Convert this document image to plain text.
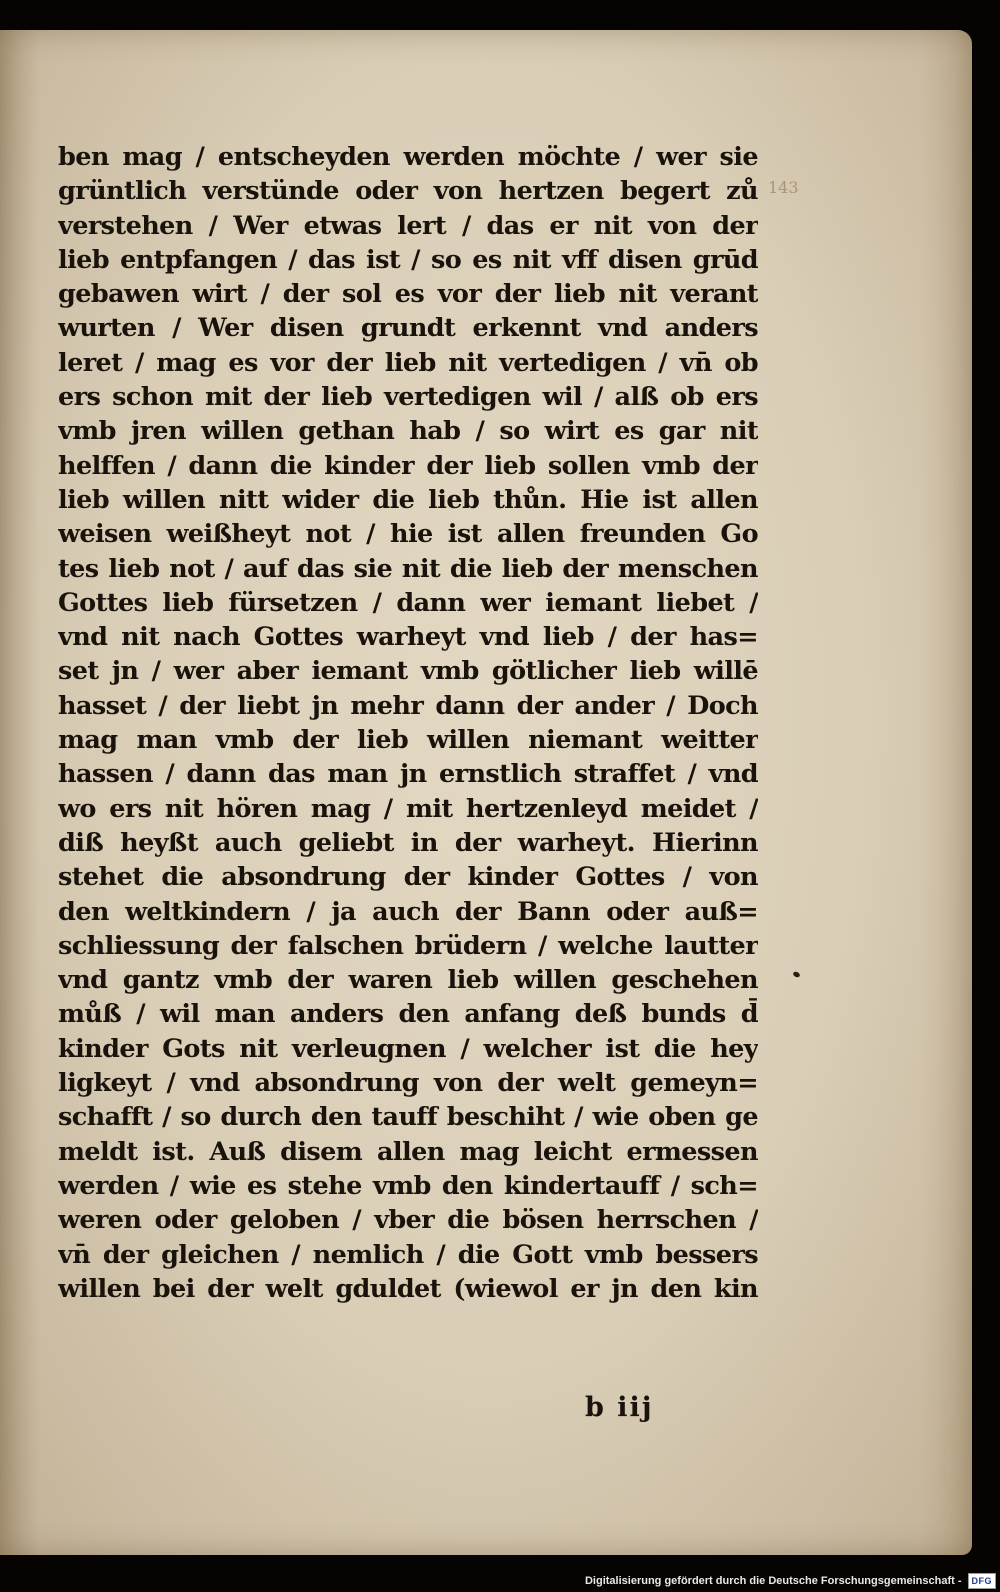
143
ben mag / entscheyden werden möchte / wer sie
grüntlich verstünde oder von hertzen begert zů
verstehen / Wer etwas lert / das er nit von der
lieb entpfangen / das ist / so es nit vff disen grūd
gebawen wirt / der sol es vor der lieb nit verant
wurten / Wer disen grundt erkennt vnd anders
leret / mag es vor der lieb nit vertedigen / vn̄ ob
ers schon mit der lieb vertedigen wil / alß ob ers
vmb jren willen gethan hab / so wirt es gar nit
helffen / dann die kinder der lieb sollen vmb der
lieb willen nitt wider die lieb thůn. Hie ist allen
weisen weißheyt not / hie ist allen freunden Go
tes lieb not / auf das sie nit die lieb der menschen
Gottes lieb fürsetzen / dann wer iemant liebet /
vnd nit nach Gottes warheyt vnd lieb / der has=
set jn / wer aber iemant vmb götlicher lieb willē
hasset / der liebt jn mehr dann der ander / Doch
mag man vmb der lieb willen niemant weitter
hassen / dann das man jn ernstlich straffet / vnd
wo ers nit hören mag / mit hertzenleyd meidet /
diß heyßt auch geliebt in der warheyt. Hierinn
stehet die absondrung der kinder Gottes / von
den weltkindern / ja auch der Bann oder auß=
schliessung der falschen brüdern / welche lautter
vnd gantz vmb der waren lieb willen geschehen
můß / wil man anders den anfang deß bunds d̄
kinder Gots nit verleugnen / welcher ist die hey
ligkeyt / vnd absondrung von der welt gemeyn=
schafft / so durch den tauff beschiht / wie oben ge
meldt ist. Auß disem allen mag leicht ermessen
werden / wie es stehe vmb den kindertauff / sch=
weren oder geloben / vber die bösen herrschen /
vn̄ der gleichen / nemlich / die Gott vmb bessers
willen bei der welt gduldet (wiewol er jn den kin
b iij
Digitalisierung gefördert durch die Deutsche Forschungsgemeinschaft -	DFG
